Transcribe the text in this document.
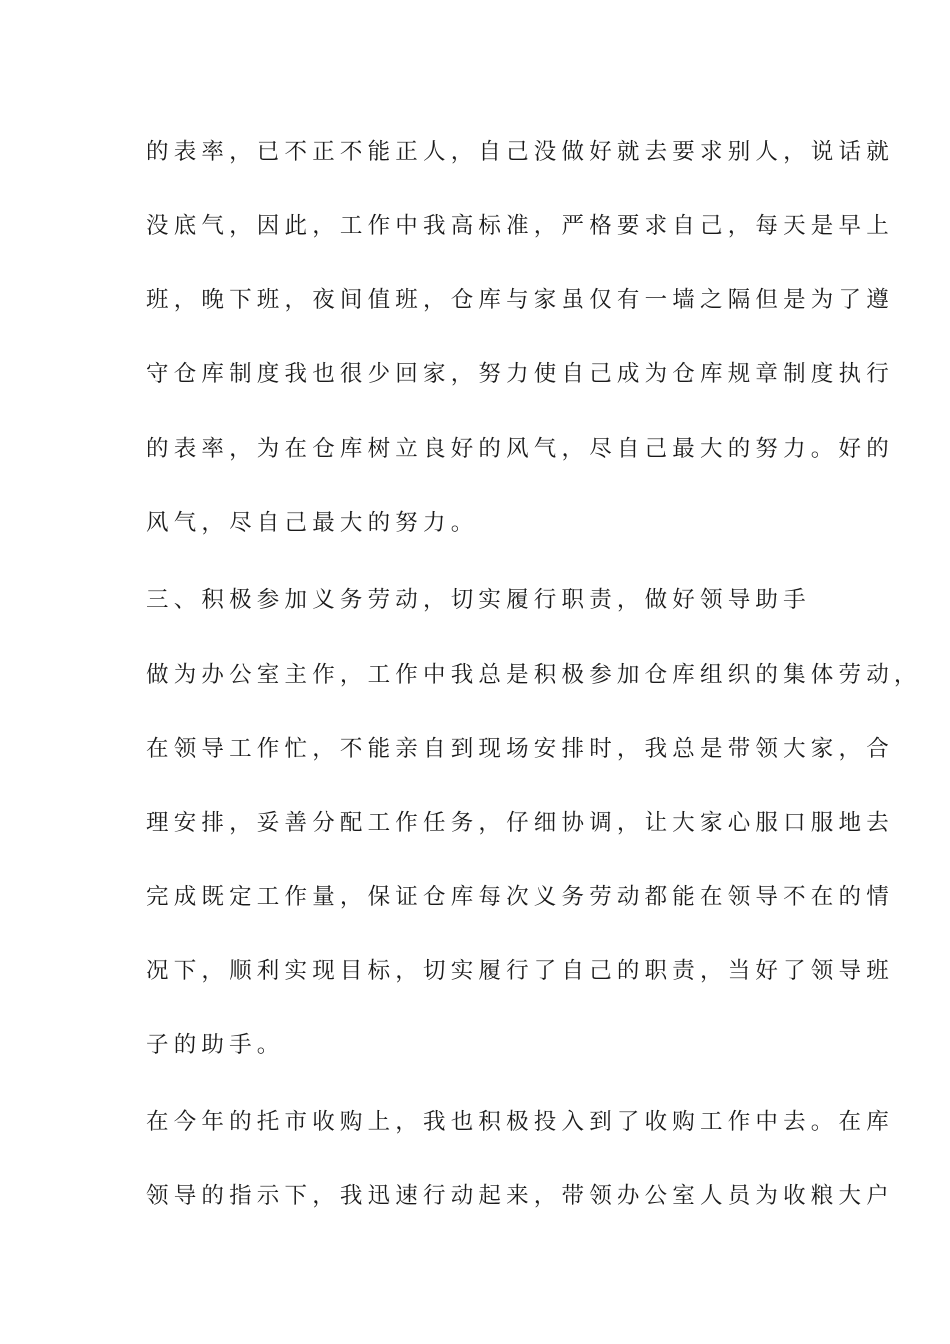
的表率，已不正不能正人，自己没做好就去要求别人，说话就
没底气，因此，工作中我高标准，严格要求自己，每天是早上
班，晚下班，夜间值班，仓库与家虽仅有一墙之隔但是为了遵
守仓库制度我也很少回家，努力使自己成为仓库规章制度执行
的表率，为在仓库树立良好的风气，尽自己最大的努力。好的
风气，尽自己最大的努力。
三、积极参加义务劳动，切实履行职责，做好领导助手
做为办公室主作，工作中我总是积极参加仓库组织的集体劳动，
在领导工作忙，不能亲自到现场安排时，我总是带领大家，合
理安排，妥善分配工作任务，仔细协调，让大家心服口服地去
完成既定工作量，保证仓库每次义务劳动都能在领导不在的情
况下，顺利实现目标，切实履行了自己的职责，当好了领导班
子的助手。
在今年的托市收购上，我也积极投入到了收购工作中去。在库
领导的指示下，我迅速行动起来，带领办公室人员为收粮大户
